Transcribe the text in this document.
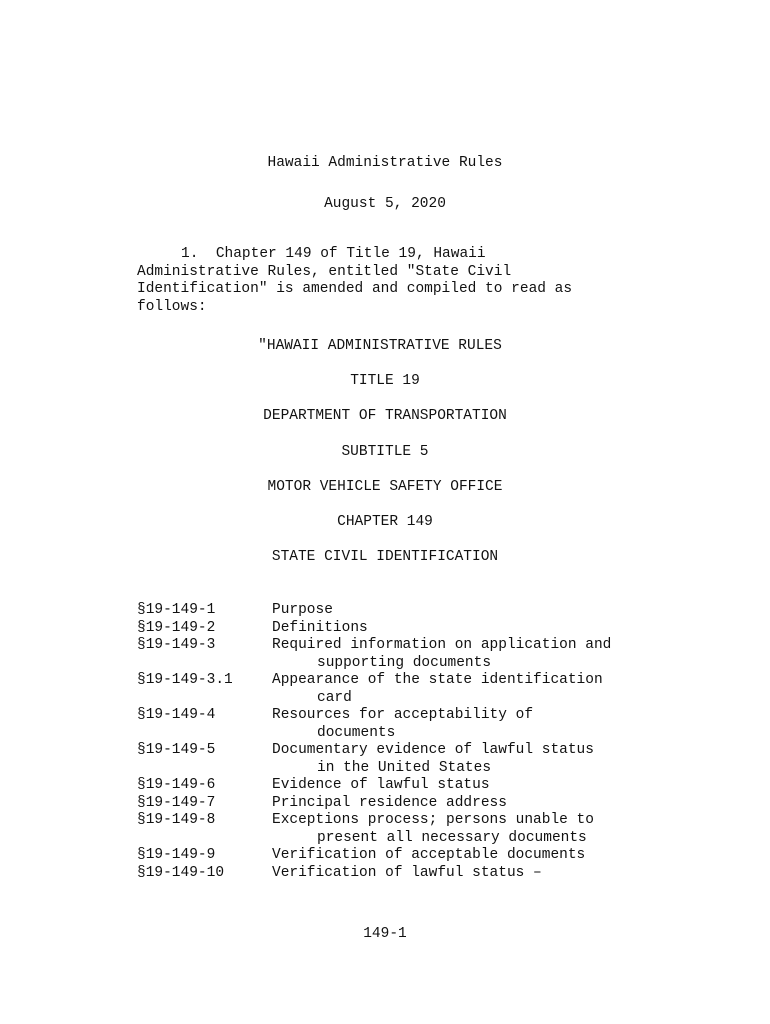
Hawaii Administrative Rules
August 5, 2020
1. Chapter 149 of Title 19, Hawaii Administrative Rules, entitled "State Civil Identification" is amended and compiled to read as follows:
"HAWAII ADMINISTRATIVE RULES
TITLE 19
DEPARTMENT OF TRANSPORTATION
SUBTITLE 5
MOTOR VEHICLE SAFETY OFFICE
CHAPTER 149
STATE CIVIL IDENTIFICATION
§19-149-1	Purpose
§19-149-2	Definitions
§19-149-3	Required information on application and
supporting documents
§19-149-3.1	Appearance of the state identification
card
§19-149-4	Resources for acceptability of
documents
§19-149-5	Documentary evidence of lawful status
in the United States
§19-149-6	Evidence of lawful status
§19-149-7	Principal residence address
§19-149-8	Exceptions process; persons unable to
present all necessary documents
§19-149-9	Verification of acceptable documents
§19-149-10	Verification of lawful status –
149-1
